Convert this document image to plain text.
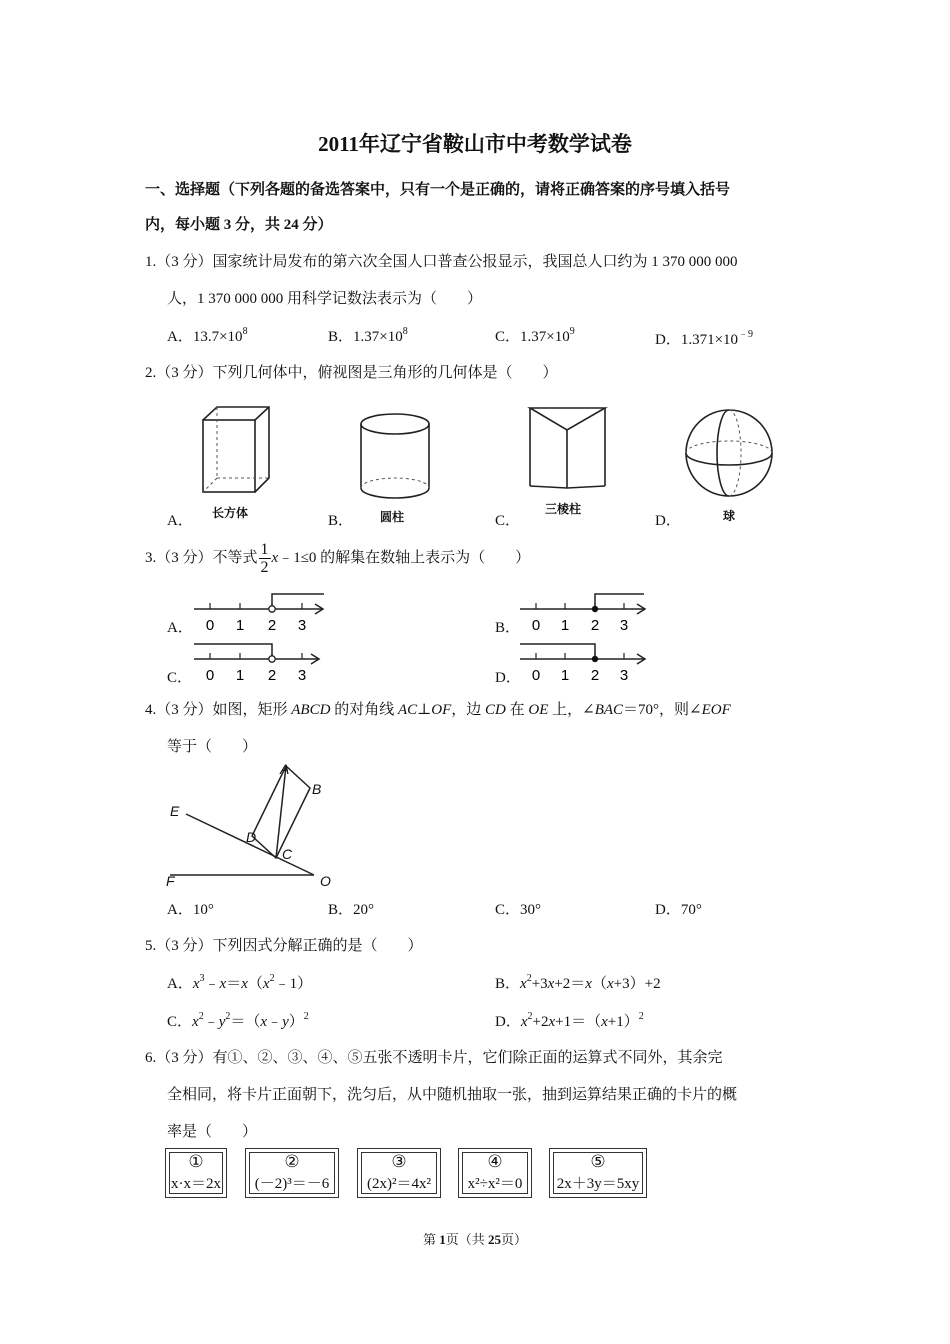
2011年辽宁省鞍山市中考数学试卷
一、选择题（下列各题的备选答案中，只有一个是正确的，请将正确答案的序号填入括号
内，每小题 3 分，共 24 分）
1.（3 分）国家统计局发布的第六次全国人口普查公报显示，我国总人口约为 1 370 000 000
人，1 370 000 000 用科学记数法表示为（　　）
A．$13.7\times 10^8$	B．$1.37\times 10^8$	C．$1.37\times 10^9$
D．$1.371\times 10^{﹣9}$
2.（3 分）下列几何体中，俯视图是三角形的几何体是（　　）
A． 长方体	B． 圆柱	C．
三棱柱
D．	球
3.（3 分）不等式 $\frac{1}{2}$ x﹣1≤0 的解集在数轴上表示为（　　）
A． 0 1 2 3	B． 0 1 2 3
C． 0 1 2 3	D． 0 1 2 3
4.（3 分）如图，矩形 ABCD 的对角线 AC⊥OF，边 CD 在 OE 上，∠BAC＝70°，则∠EOF
等于（　　）
A
B
C
D
E
F	O
A．10°	B．20°	C．30°	D．70°
5.（3 分）下列因式分解正确的是（　　）
A．$x^3﹣x=x(x^2﹣1)$	B．$x^2+3x+2=x(x+3)+2$
C．$x^2﹣y^2=(x﹣y)^2$	D．$x^2+2x+1=(x+1)^2$
6.（3 分）有①、②、③、④、⑤五张不透明卡片，它们除正面的运算式不同外，其余完
全相同，将卡片正面朝下，洗匀后，从中随机抽取一张，抽到运算结果正确的卡片的概
率是（　　）
①
x·x＝2x
②
(－2)³＝－6
③
(2x)²＝4x²
④
x²÷x²＝0
⑤
2x＋3y＝5xy
第 1页（共 25页）
